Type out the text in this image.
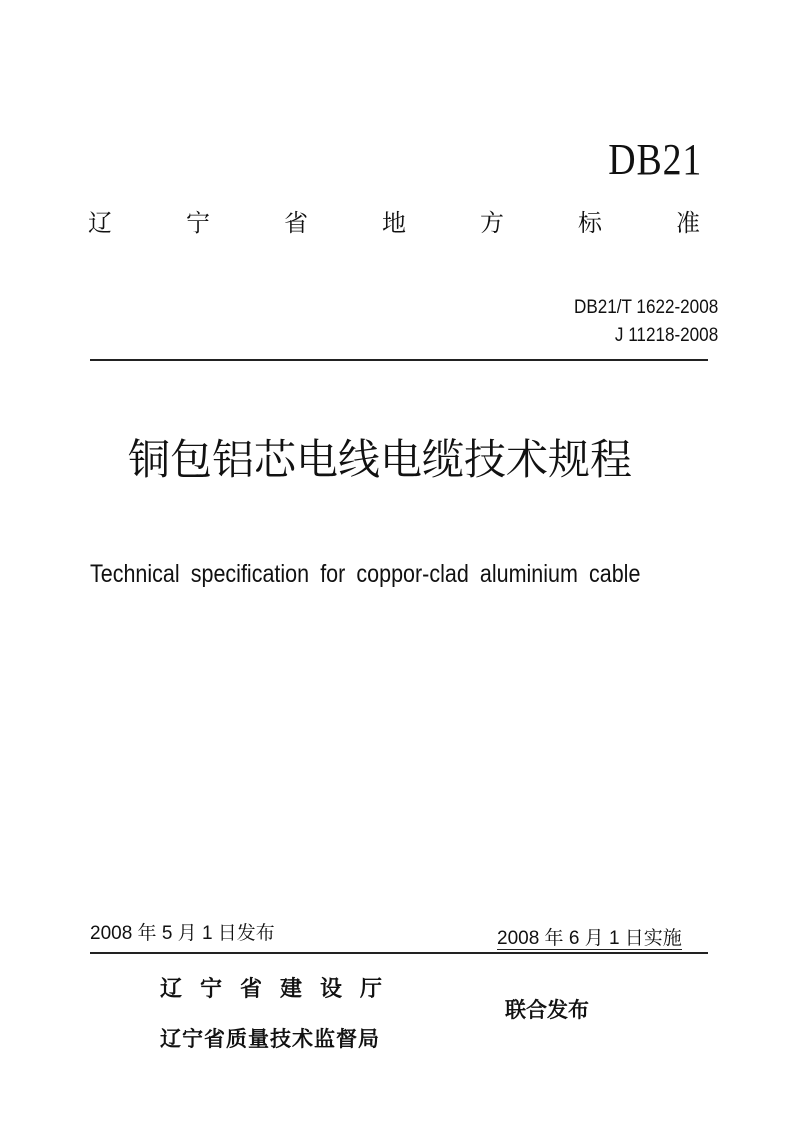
DB21
辽	宁	省	地	方	标	准
DB21/T 1622-2008
J 11218-2008
铜包铝芯电线电缆技术规程
Technical specification for coppor-clad aluminium cable
2008 年 5 月 1 日发布	2008 年 6 月 1 日实施
辽宁省建设厅
辽宁省质量技术监督局
联合发布
